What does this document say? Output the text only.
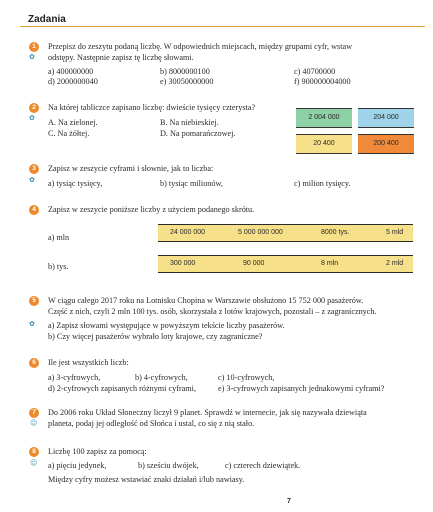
Zadania
1
✿
Przepisz do zeszytu podaną liczbę. W odpowiednich miejscach, między grupami cyfr, wstaw
odstępy. Następnie zapisz tę liczbę słowami.
a) 400000000	b) 8000000100	c) 40700000
d) 2000000040	e) 30050000000	f) 900000004000
2
✿
Na której tabliczce zapisano liczbę: dwieście tysięcy czterysta?
A. Na zielonej.	B. Na niebieskiej.
C. Na żółtej.	D. Na pomarańczowej.
2 004 000	204 000
20 400	200 400
3
✿
Zapisz w zeszycie cyframi i słownie, jak to liczba:
a) tysiąc tysięcy,	b) tysiąc milionów,	c) milion tysięcy.
4	Zapisz w zeszycie poniższe liczby z użyciem podanego skrótu.
a) mln
24 000 000	5 000 000 000	8000 tys.	5 mld
b) tys.	300 000	90 000	8 mln	2 mld
5
✿
W ciągu całego 2017 roku na Lotnisku Chopina w Warszawie obsłużono 15 752 000 pasażerów.
Część z nich, czyli 2 mln 100 tys. osób, skorzystała z lotów krajowych, pozostali – z zagranicznych.
a) Zapisz słowami występujące w powyższym tekście liczby pasażerów.
b) Czy więcej pasażerów wybrało loty krajowe, czy zagraniczne?
6	Ile jest wszystkich liczb:
a) 3-cyfrowych,	b) 4-cyfrowych,	c) 10-cyfrowych,
d) 2-cyfrowych zapisanych różnymi cyframi,	e) 3-cyfrowych zapisanych jednakowymi cyframi?
7
☺
Do 2006 roku Układ Słoneczny liczył 9 planet. Sprawdź w internecie, jak się nazywała dziewiąta
planeta, podaj jej odległość od Słońca i ustal, co się z nią stało.
8
☺
Liczbę 100 zapisz za pomocą:
a) pięciu jedynek,	b) sześciu dwójek,	c) czterech dziewiątek.
Między cyfry możesz wstawiać znaki działań i/lub nawiasy.
7
